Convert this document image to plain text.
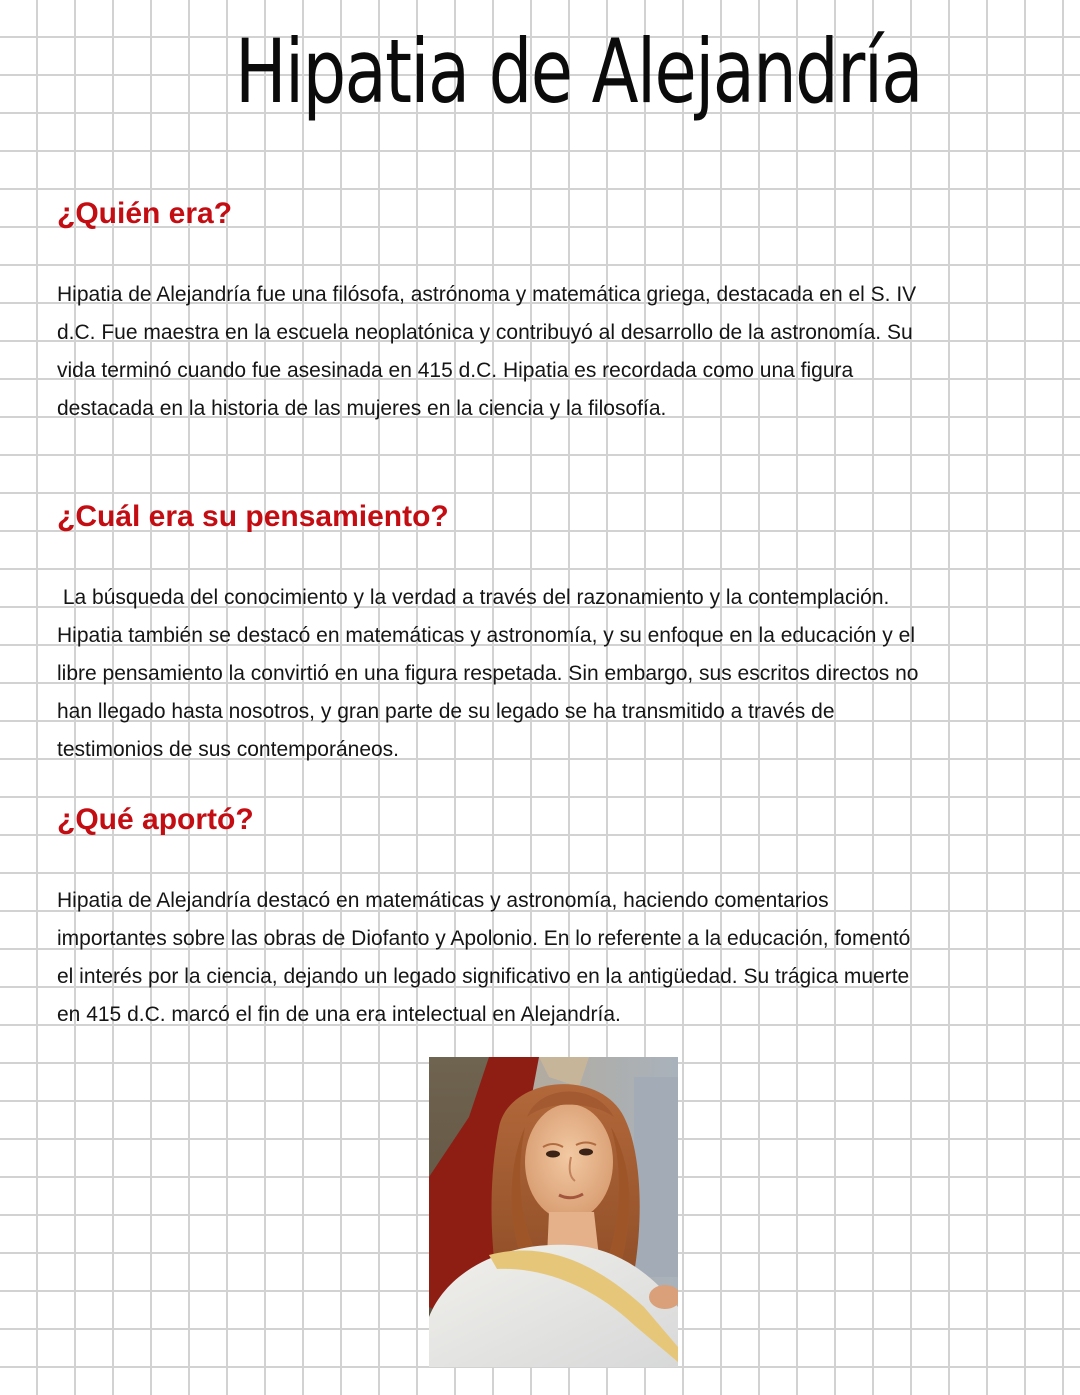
Hipatia de Alejandría
¿Quién era?

Hipatia de Alejandría fue una filósofa, astrónoma y matemática griega, destacada en el S. IV
d.C. Fue maestra en la escuela neoplatónica y contribuyó al desarrollo de la astronomía. Su
vida terminó cuando fue asesinada en 415 d.C. Hipatia es recordada como una figura
destacada en la historia de las mujeres en la ciencia y la filosofía.

¿Cuál era su pensamiento?

La búsqueda del conocimiento y la verdad a través del razonamiento y la contemplación.
Hipatia también se destacó en matemáticas y astronomía, y su enfoque en la educación y el
libre pensamiento la convirtió en una figura respetada. Sin embargo, sus escritos directos no
han llegado hasta nosotros, y gran parte de su legado se ha transmitido a través de
testimonios de sus contemporáneos.

¿Qué aportó?

Hipatia de Alejandría destacó en matemáticas y astronomía, haciendo comentarios
importantes sobre las obras de Diofanto y Apolonio. En lo referente a la educación, fomentó
el interés por la ciencia, dejando un legado significativo en la antigüedad. Su trágica muerte
en 415 d.C. marcó el fin de una era intelectual en Alejandría.
